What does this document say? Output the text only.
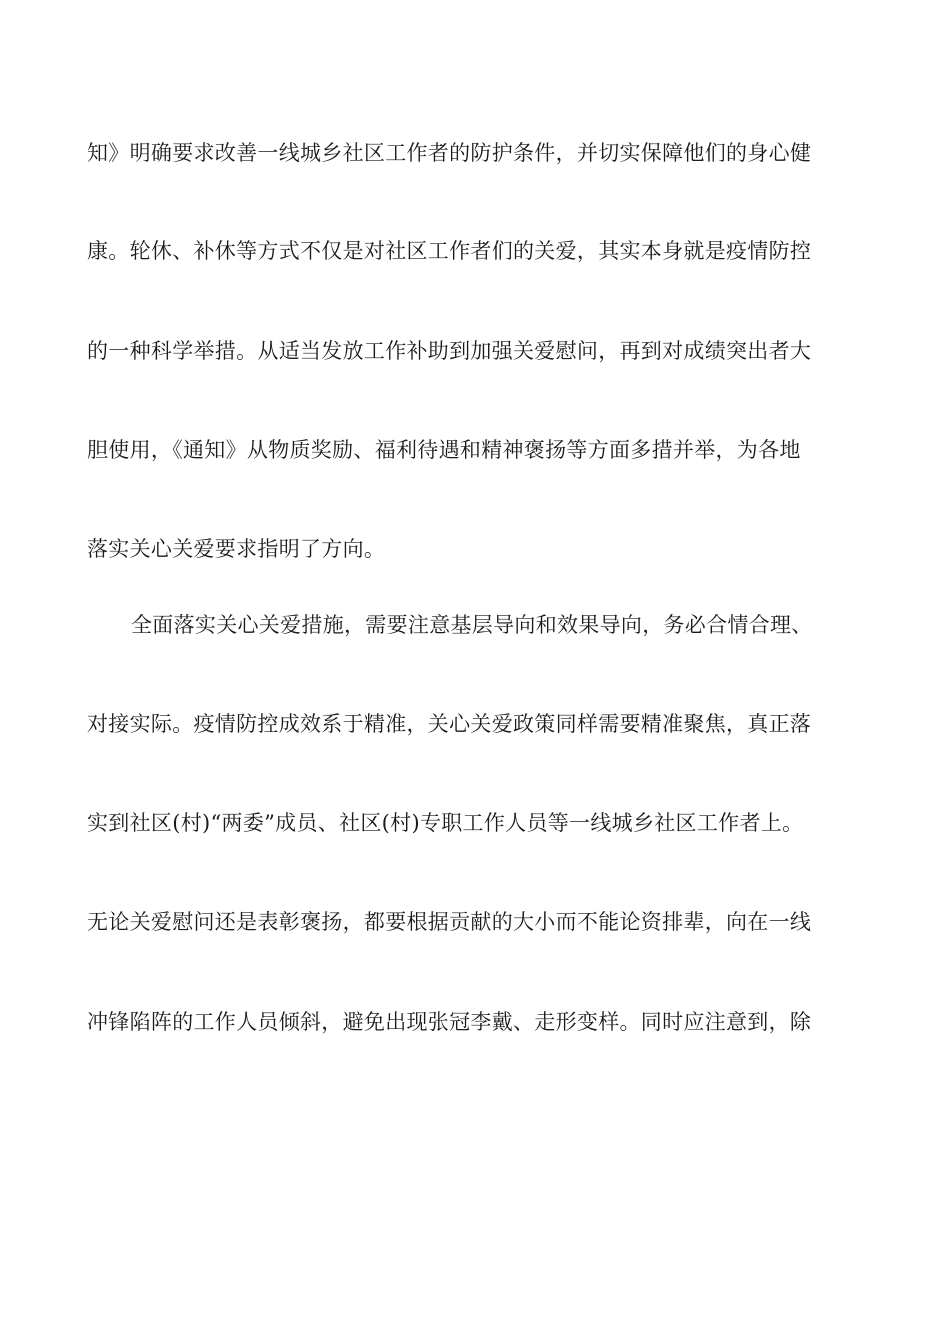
知》明确要求改善一线城乡社区工作者的防护条件，并切实保障他们的身心健
康。轮休、补休等方式不仅是对社区工作者们的关爱，其实本身就是疫情防控
的一种科学举措。从适当发放工作补助到加强关爱慰问，再到对成绩突出者大
胆使用，《通知》从物质奖励、福利待遇和精神褒扬等方面多措并举，为各地
落实关心关爱要求指明了方向。
全面落实关心关爱措施，需要注意基层导向和效果导向，务必合情合理、
对接实际。疫情防控成效系于精准，关心关爱政策同样需要精准聚焦，真正落
实到社区(村)“两委”成员、社区(村)专职工作人员等一线城乡社区工作者上。
无论关爱慰问还是表彰褒扬，都要根据贡献的大小而不能论资排辈，向在一线
冲锋陷阵的工作人员倾斜，避免出现张冠李戴、走形变样。同时应注意到，除
